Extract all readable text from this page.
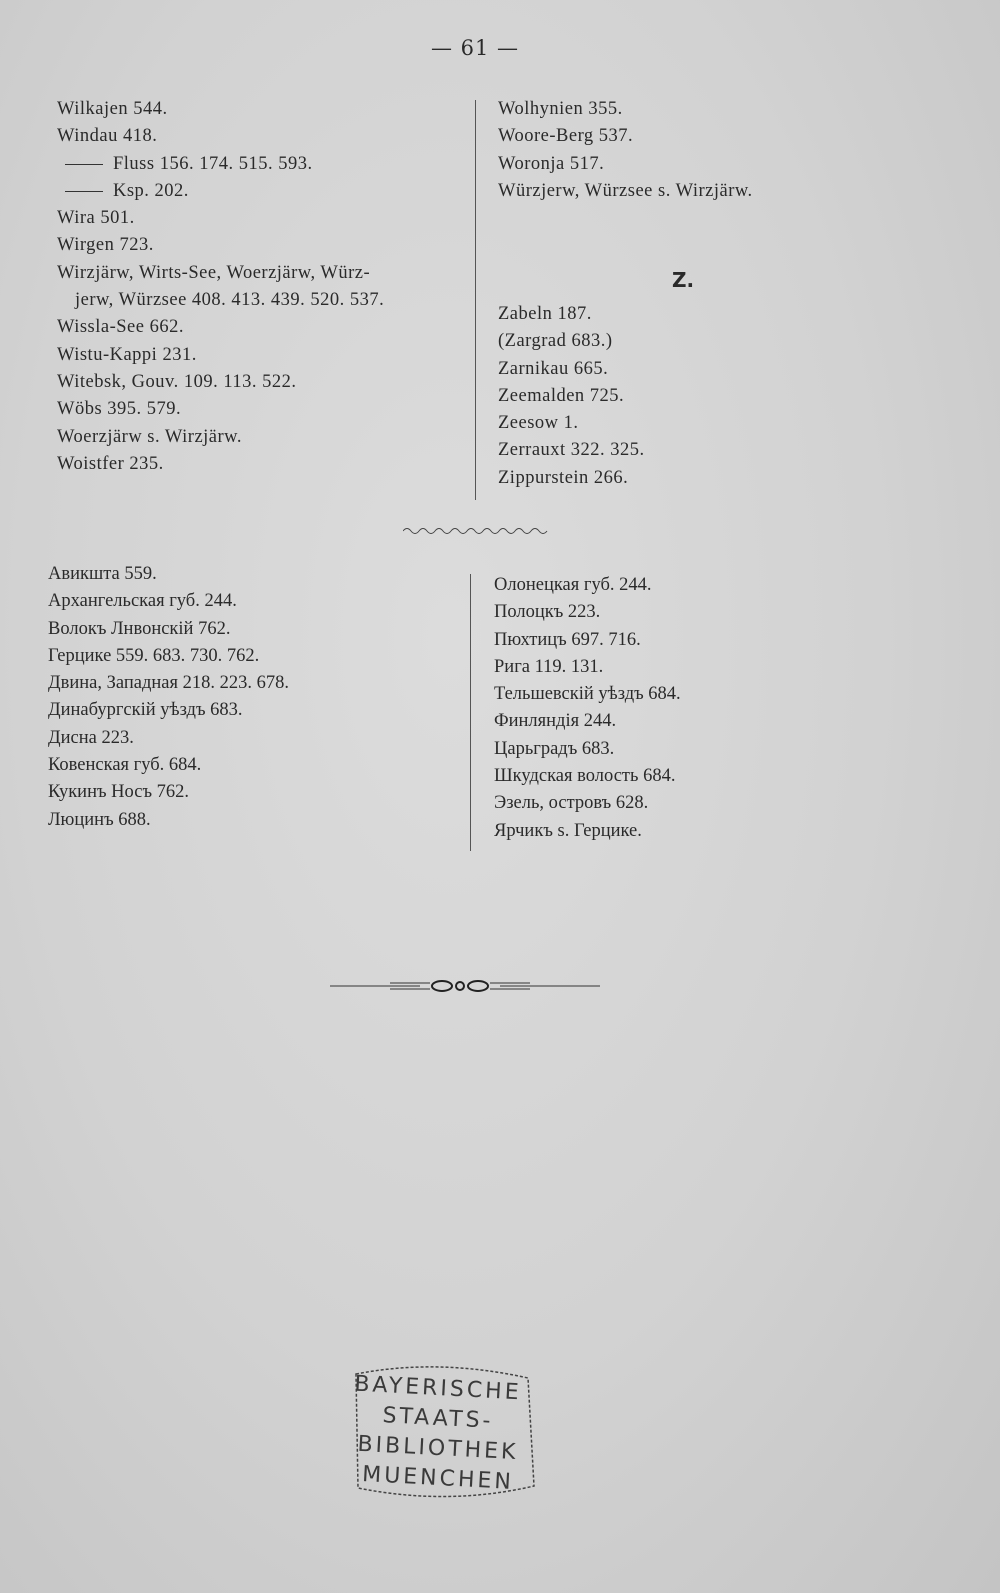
— 61 —
Wilkajen 544.
Windau 418.
Fluss 156. 174. 515. 593.
Ksp. 202.
Wira 501.
Wirgen 723.
Wirzjärw, Wirts-See, Woerzjärw, Würz-
jerw, Würzsee 408. 413. 439. 520. 537.
Wissla-See 662.
Wistu-Kappi 231.
Witebsk, Gouv. 109. 113. 522.
Wöbs 395. 579.
Woerzjärw s. Wirzjärw.
Woistfer 235.
Wolhynien 355.
Woore-Berg 537.
Woronja 517.
Würzjerw, Würzsee s. Wirzjärw.
Z.
Zabeln 187.
(Zargrad 683.)
Zarnikau 665.
Zeemalden 725.
Zeesow 1.
Zerrauxt 322. 325.
Zippurstein 266.
Авикшта 559.
Архангельская губ. 244.
Волокъ Лнвонскій 762.
Герцике 559. 683. 730. 762.
Двина, Западная 218. 223. 678.
Динабургскій уѣздъ 683.
Дисна 223.
Ковенская губ. 684.
Кукинъ Носъ 762.
Люцинъ 688.
Олонецкая губ. 244.
Полоцкъ 223.
Пюхтицъ 697. 716.
Рига 119. 131.
Тельшевскій уѣздъ 684.
Финляндія 244.
Царьградъ 683.
Шкудская волость 684.
Эзель, островъ 628.
Ярчикъ s. Герцике.
BAYERISCHE
STAATS-
BIBLIOTHEK
MUENCHEN
